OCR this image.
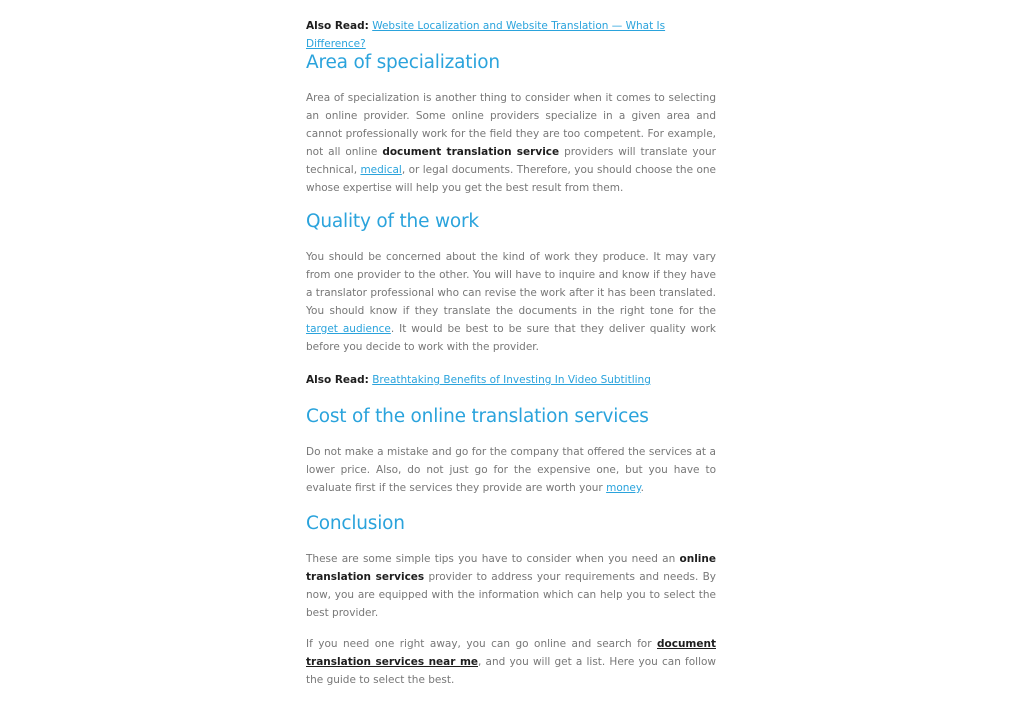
Also Read: Website Localization and Website Translation — What Is Difference?

Area of specialization

Area of specialization is another thing to consider when it comes to selecting an online provider. Some online providers specialize in a given area and cannot professionally work for the field they are too competent. For example, not all online document translation service providers will translate your technical, medical, or legal documents. Therefore, you should choose the one whose expertise will help you get the best result from them.

Quality of the work

You should be concerned about the kind of work they produce. It may vary from one provider to the other. You will have to inquire and know if they have a translator professional who can revise the work after it has been translated. You should know if they translate the documents in the right tone for the target audience. It would be best to be sure that they deliver quality work before you decide to work with the provider.

Also Read: Breathtaking Benefits of Investing In Video Subtitling

Cost of the online translation services

Do not make a mistake and go for the company that offered the services at a lower price. Also, do not just go for the expensive one, but you have to evaluate first if the services they provide are worth your money.

Conclusion

These are some simple tips you have to consider when you need an online translation services provider to address your requirements and needs. By now, you are equipped with the information which can help you to select the best provider.

If you need one right away, you can go online and search for document translation services near me, and you will get a list. Here you can follow the guide to select the best.
